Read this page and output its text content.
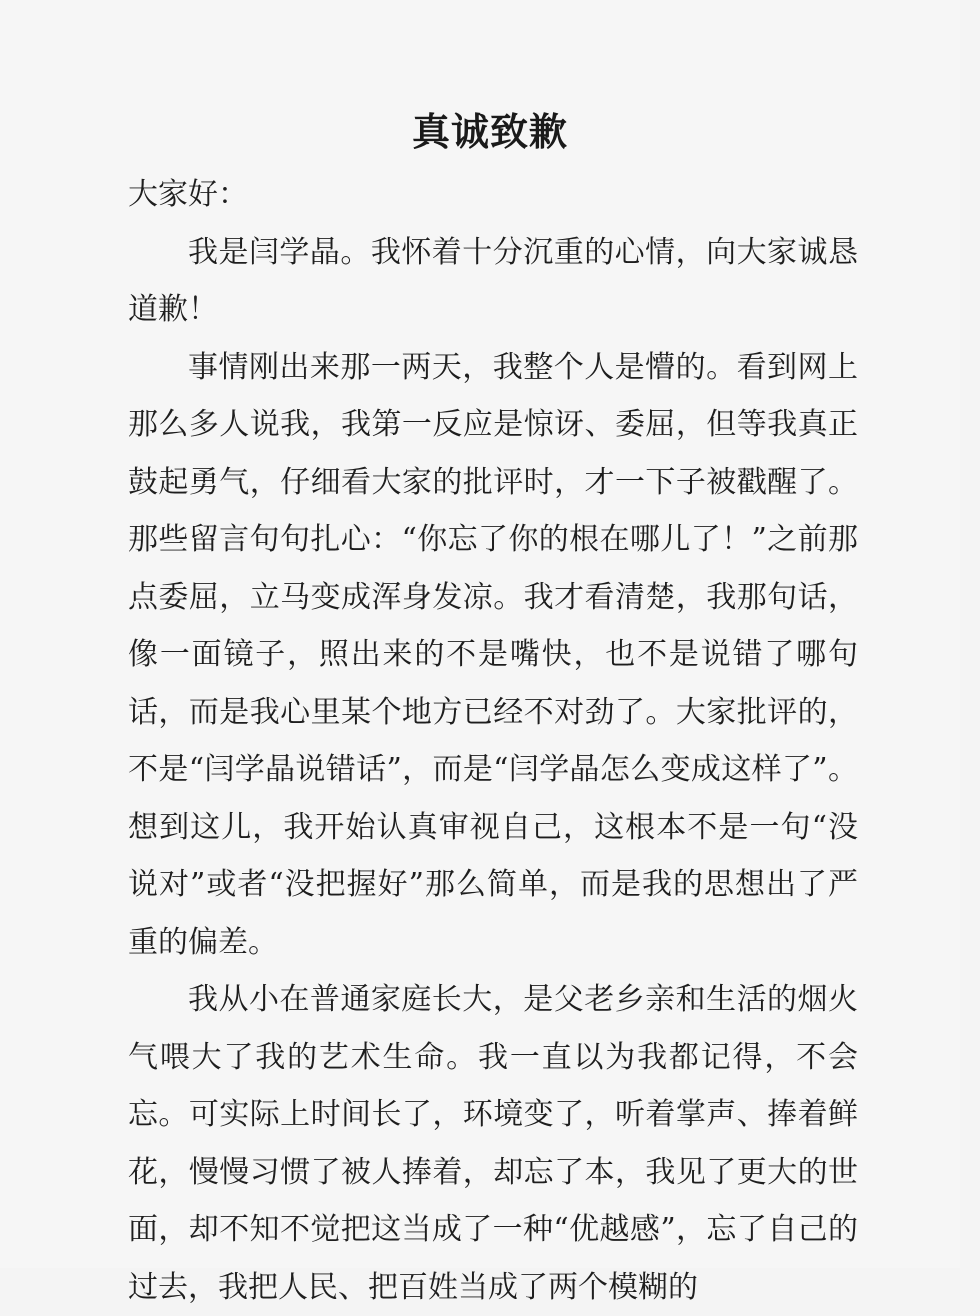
真诚致歉

大家好：

我是闫学晶。我怀着十分沉重的心情，向大家诚恳道歉！

事情刚出来那一两天，我整个人是懵的。看到网上那么多人说我，我第一反应是惊讶、委屈，但等我真正鼓起勇气，仔细看大家的批评时，才一下子被戳醒了。那些留言句句扎心：“你忘了你的根在哪儿了！”之前那点委屈，立马变成浑身发凉。我才看清楚，我那句话，像一面镜子，照出来的不是嘴快，也不是说错了哪句话，而是我心里某个地方已经不对劲了。大家批评的，不是“闫学晶说错话”，而是“闫学晶怎么变成这样了”。想到这儿，我开始认真审视自己，这根本不是一句“没说对”或者“没把握好”那么简单，而是我的思想出了严重的偏差。

我从小在普通家庭长大，是父老乡亲和生活的烟火气喂大了我的艺术生命。我一直以为我都记得，不会忘。可实际上时间长了，环境变了，听着掌声、捧着鲜花，慢慢习惯了被人捧着，却忘了本，我见了更大的世面，却不知不觉把这当成了一种“优越感”，忘了自己的过去，我把人民、把百姓当成了两个模糊的
